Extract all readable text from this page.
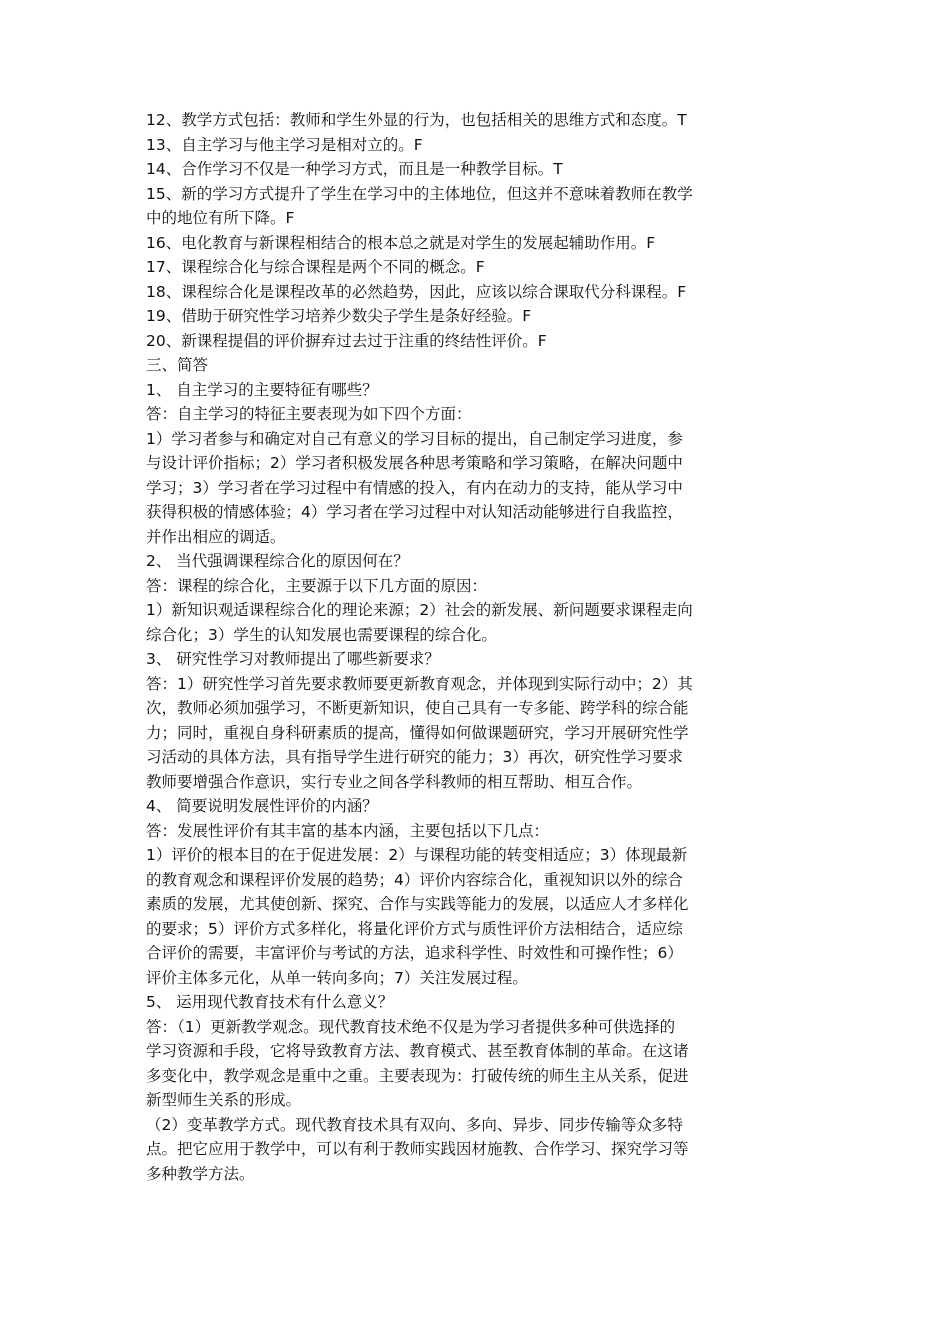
12、教学方式包括：教师和学生外显的行为，也包括相关的思维方式和态度。T
13、自主学习与他主学习是相对立的。F
14、合作学习不仅是一种学习方式，而且是一种教学目标。T
15、新的学习方式提升了学生在学习中的主体地位，但这并不意味着教师在教学
中的地位有所下降。F
16、电化教育与新课程相结合的根本总之就是对学生的发展起辅助作用。F
17、课程综合化与综合课程是两个不同的概念。F
18、课程综合化是课程改革的必然趋势，因此，应该以综合课取代分科课程。F
19、借助于研究性学习培养少数尖子学生是条好经验。F
20、新课程提倡的评价摒弃过去过于注重的终结性评价。F
三、简答
1、 自主学习的主要特征有哪些？
答：自主学习的特征主要表现为如下四个方面：
1）学习者参与和确定对自己有意义的学习目标的提出，自己制定学习进度，参
与设计评价指标；2）学习者积极发展各种思考策略和学习策略，在解决问题中
学习；3）学习者在学习过程中有情感的投入，有内在动力的支持，能从学习中
获得积极的情感体验；4）学习者在学习过程中对认知活动能够进行自我监控，
并作出相应的调适。
2、 当代强调课程综合化的原因何在？
答：课程的综合化，主要源于以下几方面的原因：
1）新知识观适课程综合化的理论来源；2）社会的新发展、新问题要求课程走向
综合化；3）学生的认知发展也需要课程的综合化。
3、 研究性学习对教师提出了哪些新要求？
答：1）研究性学习首先要求教师要更新教育观念，并体现到实际行动中；2）其
次，教师必须加强学习，不断更新知识，使自己具有一专多能、跨学科的综合能
力；同时，重视自身科研素质的提高，懂得如何做课题研究，学习开展研究性学
习活动的具体方法，具有指导学生进行研究的能力；3）再次，研究性学习要求
教师要增强合作意识，实行专业之间各学科教师的相互帮助、相互合作。
4、 简要说明发展性评价的内涵？
答：发展性评价有其丰富的基本内涵，主要包括以下几点：
1）评价的根本目的在于促进发展：2）与课程功能的转变相适应；3）体现最新
的教育观念和课程评价发展的趋势；4）评价内容综合化，重视知识以外的综合
素质的发展，尤其使创新、探究、合作与实践等能力的发展，以适应人才多样化
的要求；5）评价方式多样化，将量化评价方式与质性评价方法相结合，适应综
合评价的需要，丰富评价与考试的方法，追求科学性、时效性和可操作性；6）
评价主体多元化，从单一转向多向；7）关注发展过程。
5、 运用现代教育技术有什么意义？
答：（1）更新教学观念。现代教育技术绝不仅是为学习者提供多种可供选择的
学习资源和手段，它将导致教育方法、教育模式、甚至教育体制的革命。在这诸
多变化中，教学观念是重中之重。主要表现为：打破传统的师生主从关系，促进
新型师生关系的形成。
（2）变革教学方式。现代教育技术具有双向、多向、异步、同步传输等众多特
点。把它应用于教学中，可以有利于教师实践因材施教、合作学习、探究学习等
多种教学方法。
